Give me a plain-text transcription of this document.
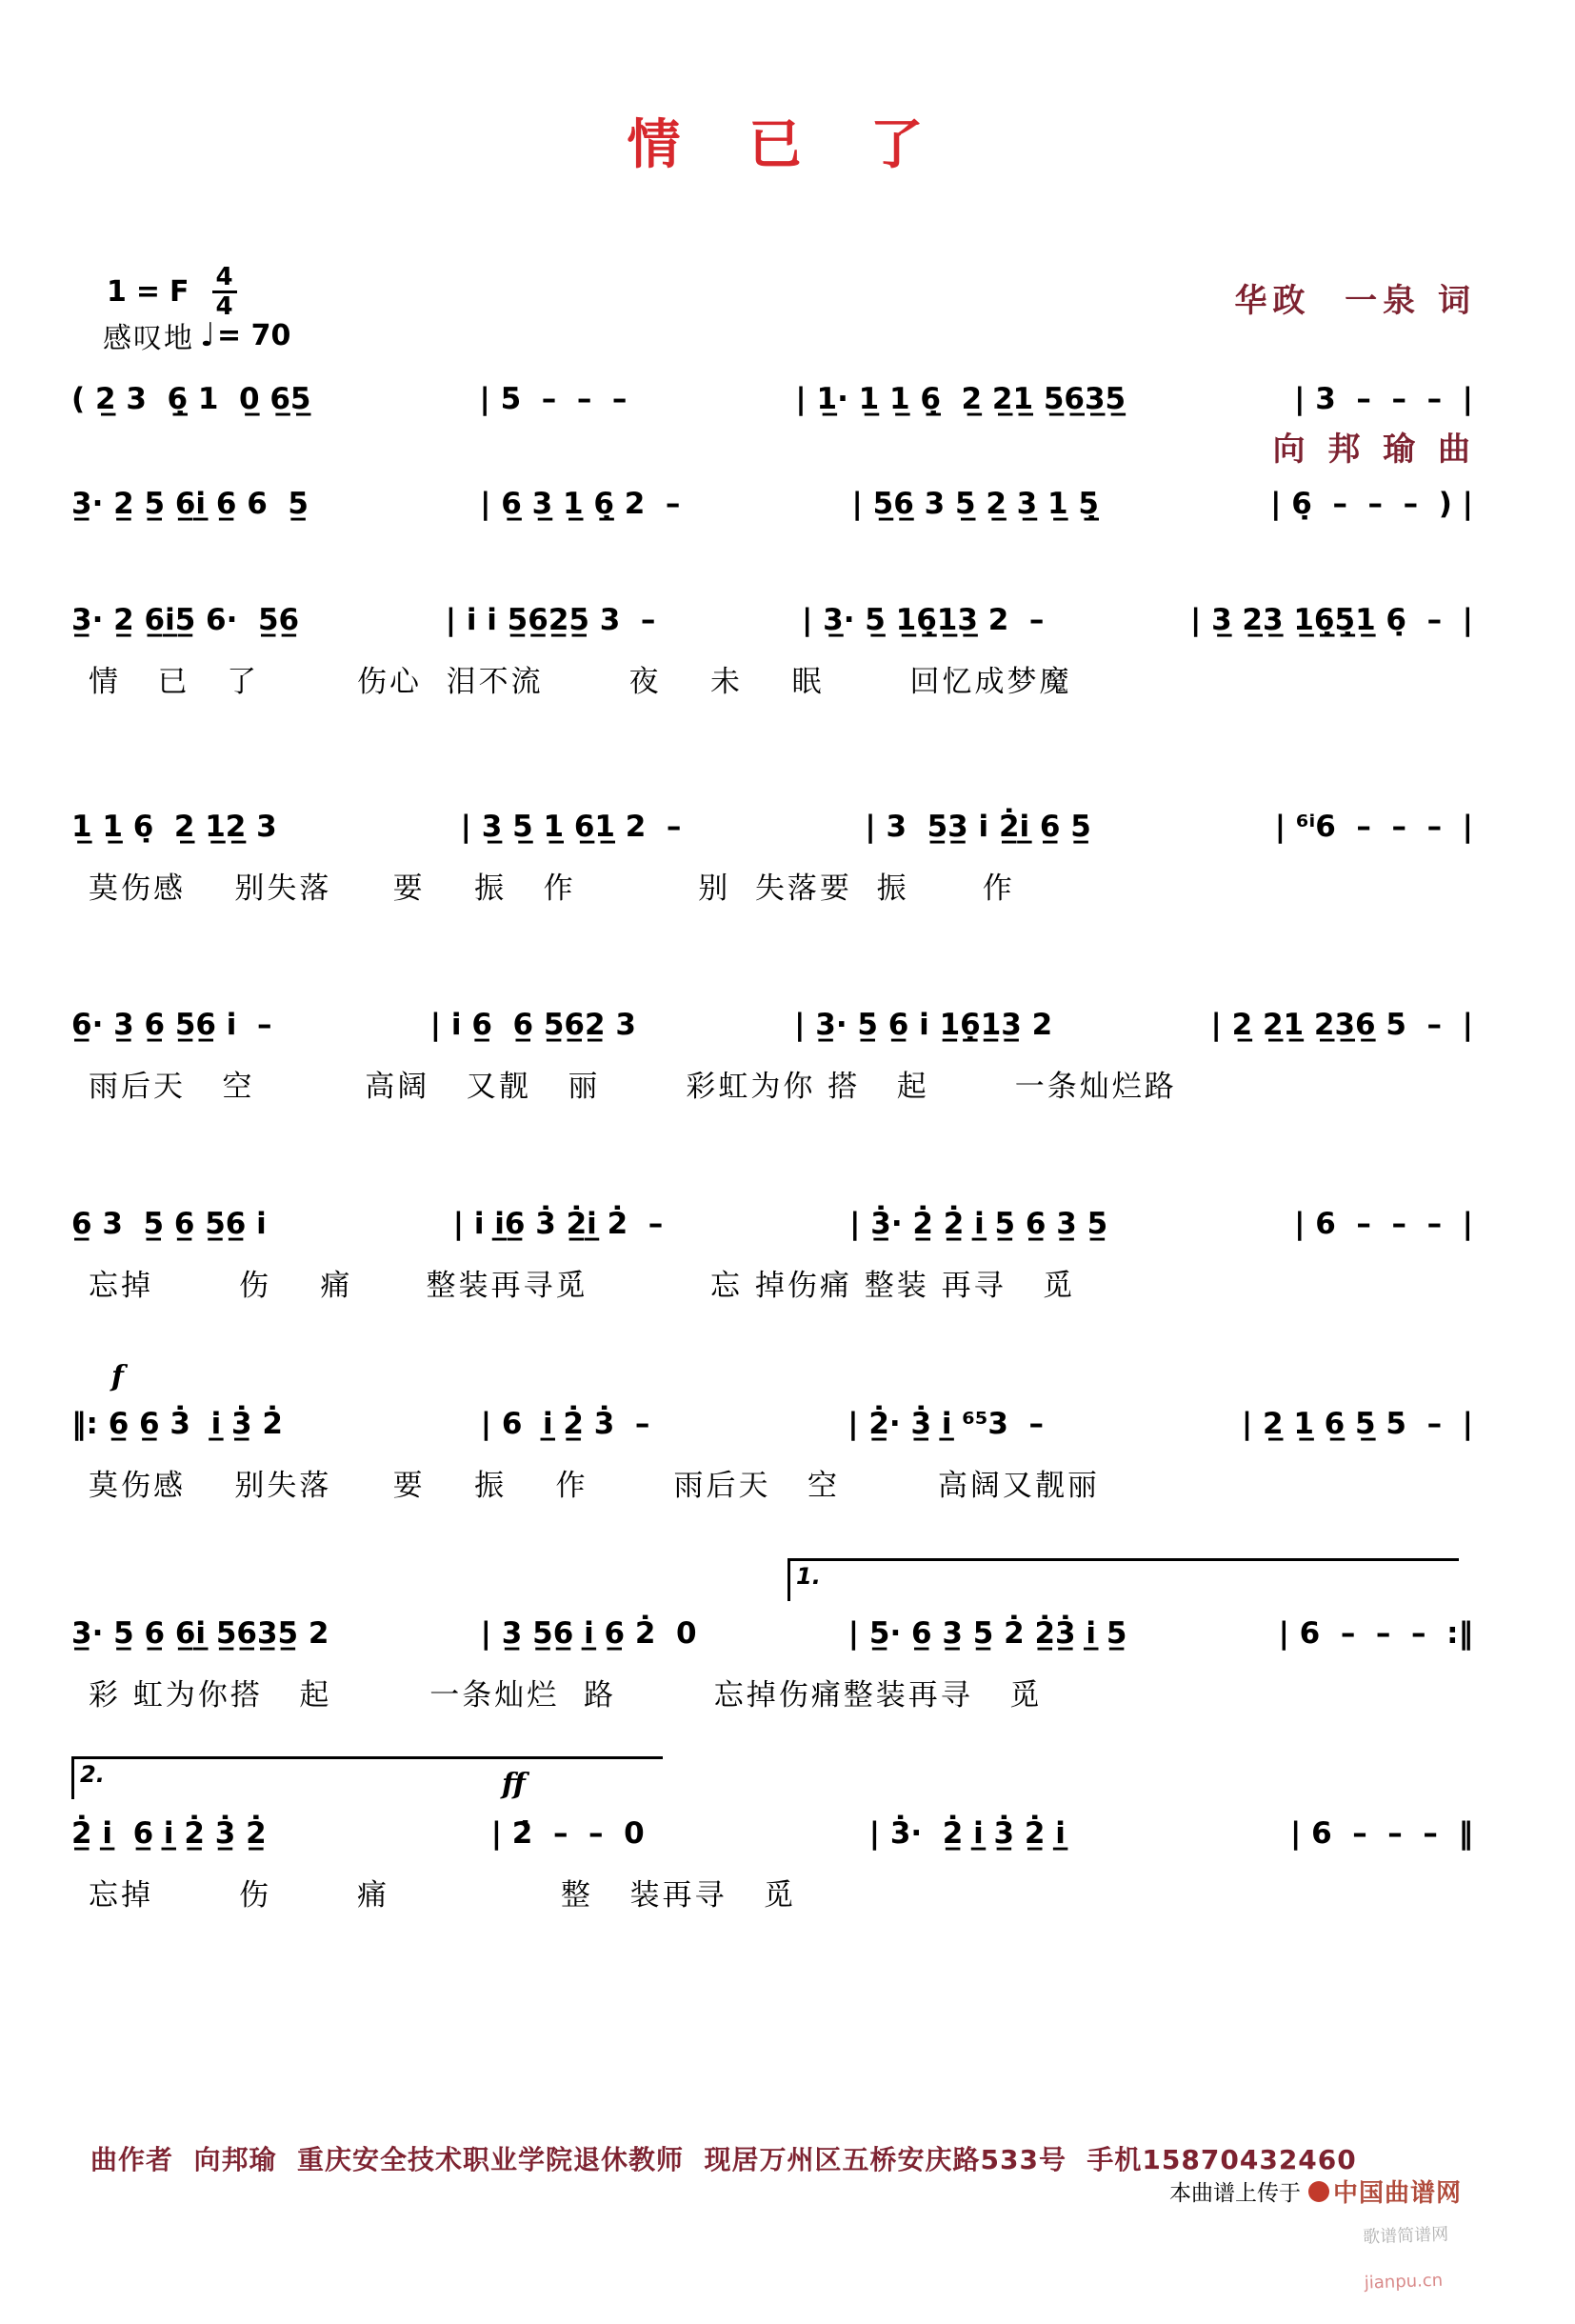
情 已 了

华政  一泉 词

向 邦 瑜 曲

1 = F $\frac{4}{4}$
感叹地 ♩ = 70
( 2̲ 3  6̲̣ 1  0̲ 6̲5̲	| 5  –  –  –	| 1̲· 1̲ 1̲ 6̲̣  2̲ 2̲1̲ 5̲6̲3̲5̲	| 3  –  –  –  |
3̲· 2̲ 5̲ 6̲i̲ 6̲ 6  5̲	| 6̲ 3̲ 1̲ 6̲̣ 2  –	| 5̲6̲ 3 5̲ 2̲ 3̲ 1̲ 5̲̣	| 6̣  –  –  –  ) |
3̲· 2̲ 6̲i̲5̲ 6·  5̲6̲	| i i 5̲6̲2̲5̲ 3  –	| 3̲· 5̲ 1̲6̲̣1̲3̲ 2  –	| 3̲ 2̲3̲ 1̲6̲̣5̲̣1̲ 6̣  –  |
情   已   了        伤心  泪不流       夜    未    眠       回忆成梦魔
1̲ 1̲ 6̣  2̲ 1̲2̲ 3	| 3̲ 5̲ 1̲ 6̲1̲ 2  –	| 3  5̲3̲ i 2̲̇i̲ 6̲ 5̲	| ⁶ⁱ6  –  –  –  |
莫伤感    别失落     要    振   作          别  失落要  振      作
6̲· 3̲ 6̲ 5̲6̲ i  –	| i 6̲  6̲ 5̲6̲2̲ 3	| 3̲· 5̲ 6̲ i 1̲6̲̣1̲3̲ 2	| 2̲ 2̲1̲ 2̲3̲6̲ 5  –  |
雨后天   空         高阔   又靓   丽       彩虹为你 搭   起       一条灿烂路
6̲ 3  5̲ 6̲ 5̲6̲ i	| i i̲6̲ 3̇ 2̲̇i̲ 2̇  –	| 3̲̇· 2̲̇ 2̲̇ i̲ 5̲ 6̲ 3̲ 5̲	| 6  –  –  –  |
忘掉       伤    痛      整装再寻觅          忘 掉伤痛 整装 再寻   觅
f
‖: 6̲ 6̲ 3̇  i̲ 3̲̇ 2̇	| 6  i̲ 2̲̇ 3̇  –	| 2̲̇· 3̲̇ i̲ ⁶⁵3  –	| 2̲ 1̲ 6̲ 5̲ 5  –  |
莫伤感    别失落     要    振    作       雨后天   空        高阔又靓丽
1.
3̲· 5̲ 6̲ 6̲i̲ 5̲6̲3̲5̲ 2	| 3̲ 5̲6̲ i̲ 6̲ 2̇  0	| 5̲· 6̲ 3̲ 5̲ 2̇ 2̲̇3̲̇ i̲ 5̲	| 6  –  –  –  :‖
彩 虹为你搭   起        一条灿烂  路        忘掉伤痛整装再寻   觅
2.	ff
2̲̇ i̲  6̲ i̲ 2̲̇ 3̲̇ 2̲̇	| 2̇  –  –  0	| 3̇·  2̲̇ i̲ 3̲̇ 2̲̇ i̲	| 6  –  –  –  ‖
忘掉       伤       痛              整   装再寻   觅
曲作者  向邦瑜  重庆安全技术职业学院退休教师  现居万州区五桥安庆路533号  手机15870432460
本曲谱上传于 中国曲谱网

歌谱简谱网

jianpu.cn
